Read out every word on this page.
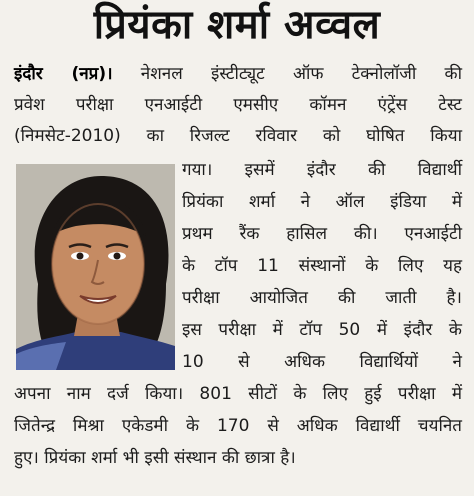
प्रियंका शर्मा अव्वल
इंदौर (नप्र)। नेशनल इंस्टीट्यूट ऑफ टेक्नोलॉजी की
प्रवेश परीक्षा एनआईटी एमसीए कॉमन एंट्रेंस टेस्ट
(निमसेट-2010) का रिजल्ट रविवार को घोषित किया
गया। इसमें इंदौर की विद्यार्थी
प्रियंका शर्मा ने ऑल इंडिया में
प्रथम रैंक हासिल की। एनआईटी
के टॉप 11 संस्थानों के लिए यह
परीक्षा आयोजित की जाती है।
इस परीक्षा में टॉप 50 में इंदौर के
10 से अधिक विद्यार्थियों ने
अपना नाम दर्ज किया। 801 सीटों के लिए हुई परीक्षा में
जितेन्द्र मिश्रा एकेडमी के 170 से अधिक विद्यार्थी चयनित
हुए। प्रियंका शर्मा भी इसी संस्थान की छात्रा है।
